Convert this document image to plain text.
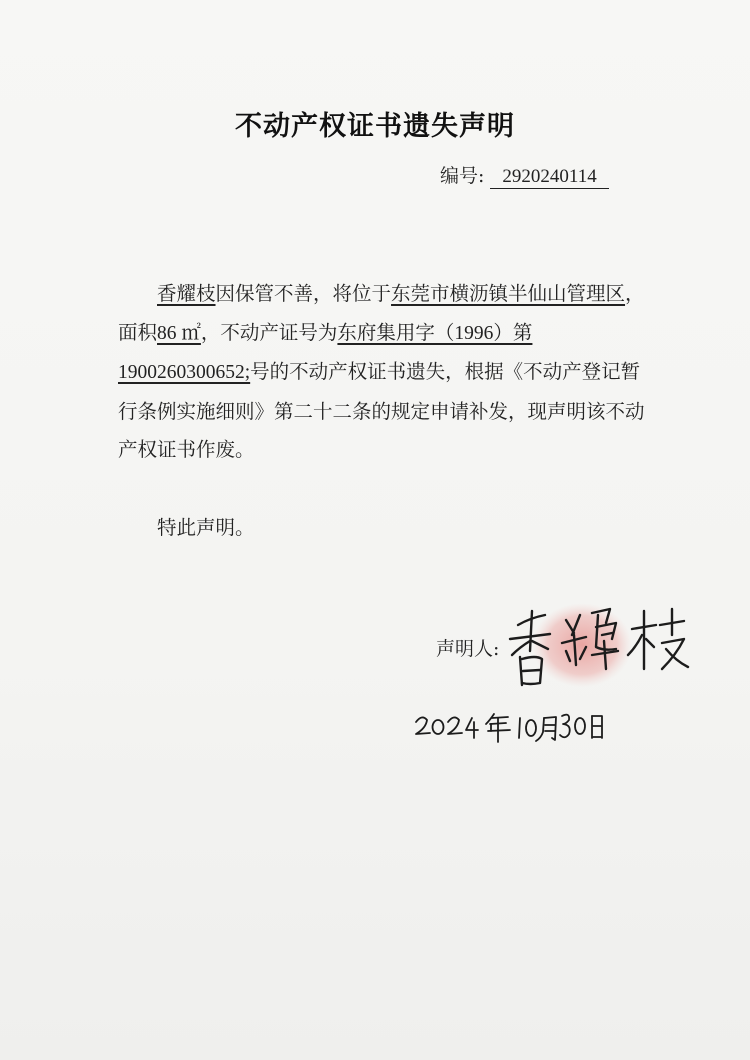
不动产权证书遗失声明
编号: 2920240114

香耀枝因保管不善，将位于东莞市横沥镇半仙山管理区，面积86 ㎡，不动产证号为东府集用字（1996）第1900260300652;号的不动产权证书遗失，根据《不动产登记暂行条例实施细则》第二十二条的规定申请补发，现声明该不动产权证书作废。

特此声明。
声明人:
